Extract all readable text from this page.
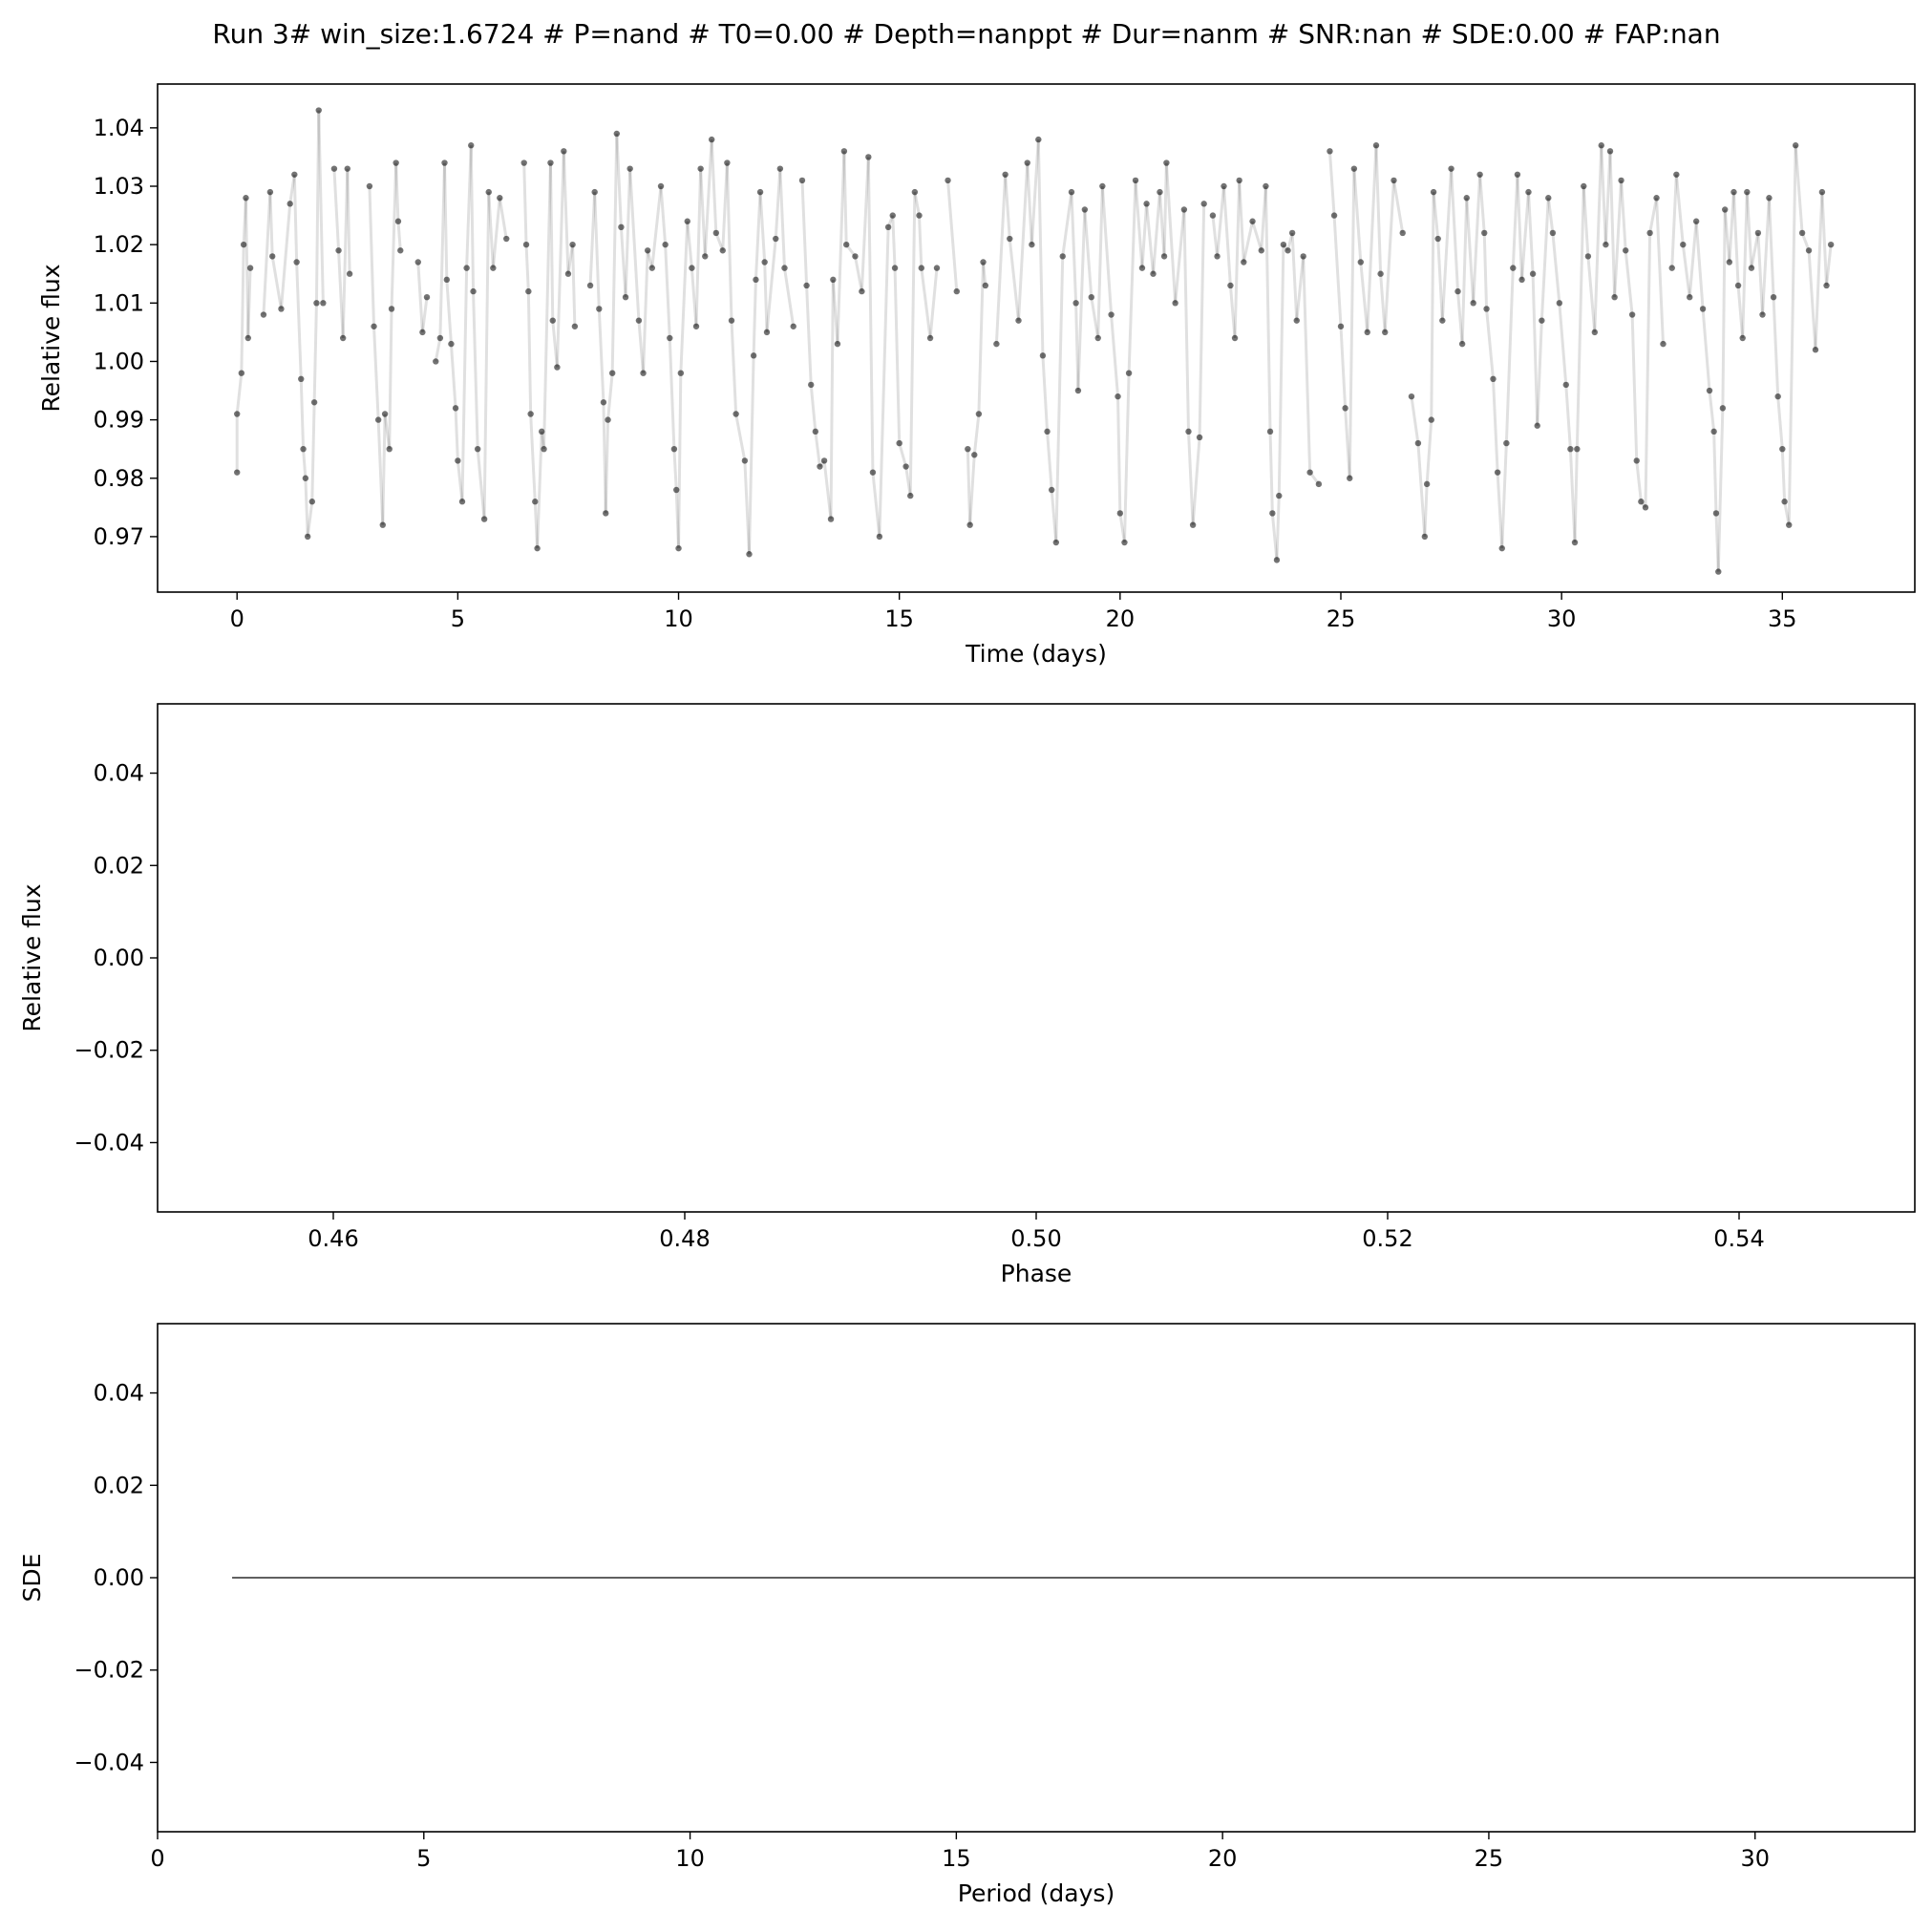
Run 3# win_size:1.6724 # P=nand # T0=0.00 # Depth=nanppt # Dur=nanm # SNR:nan # SDE:0.00 # FAP:nan
0	5	10	15	20	25	30	35
0.97
0.98
0.99
1.00
1.01
1.02
1.03
1.04
Time (days)
Relative flux
0.46	0.48	0.50	0.52	0.54
−0.04
−0.02
0.00
0.02
0.04
Phase
Relative flux
0	5	10	15	20	25	30
−0.04
−0.02
0.00
0.02
0.04
Period (days)
SDE
